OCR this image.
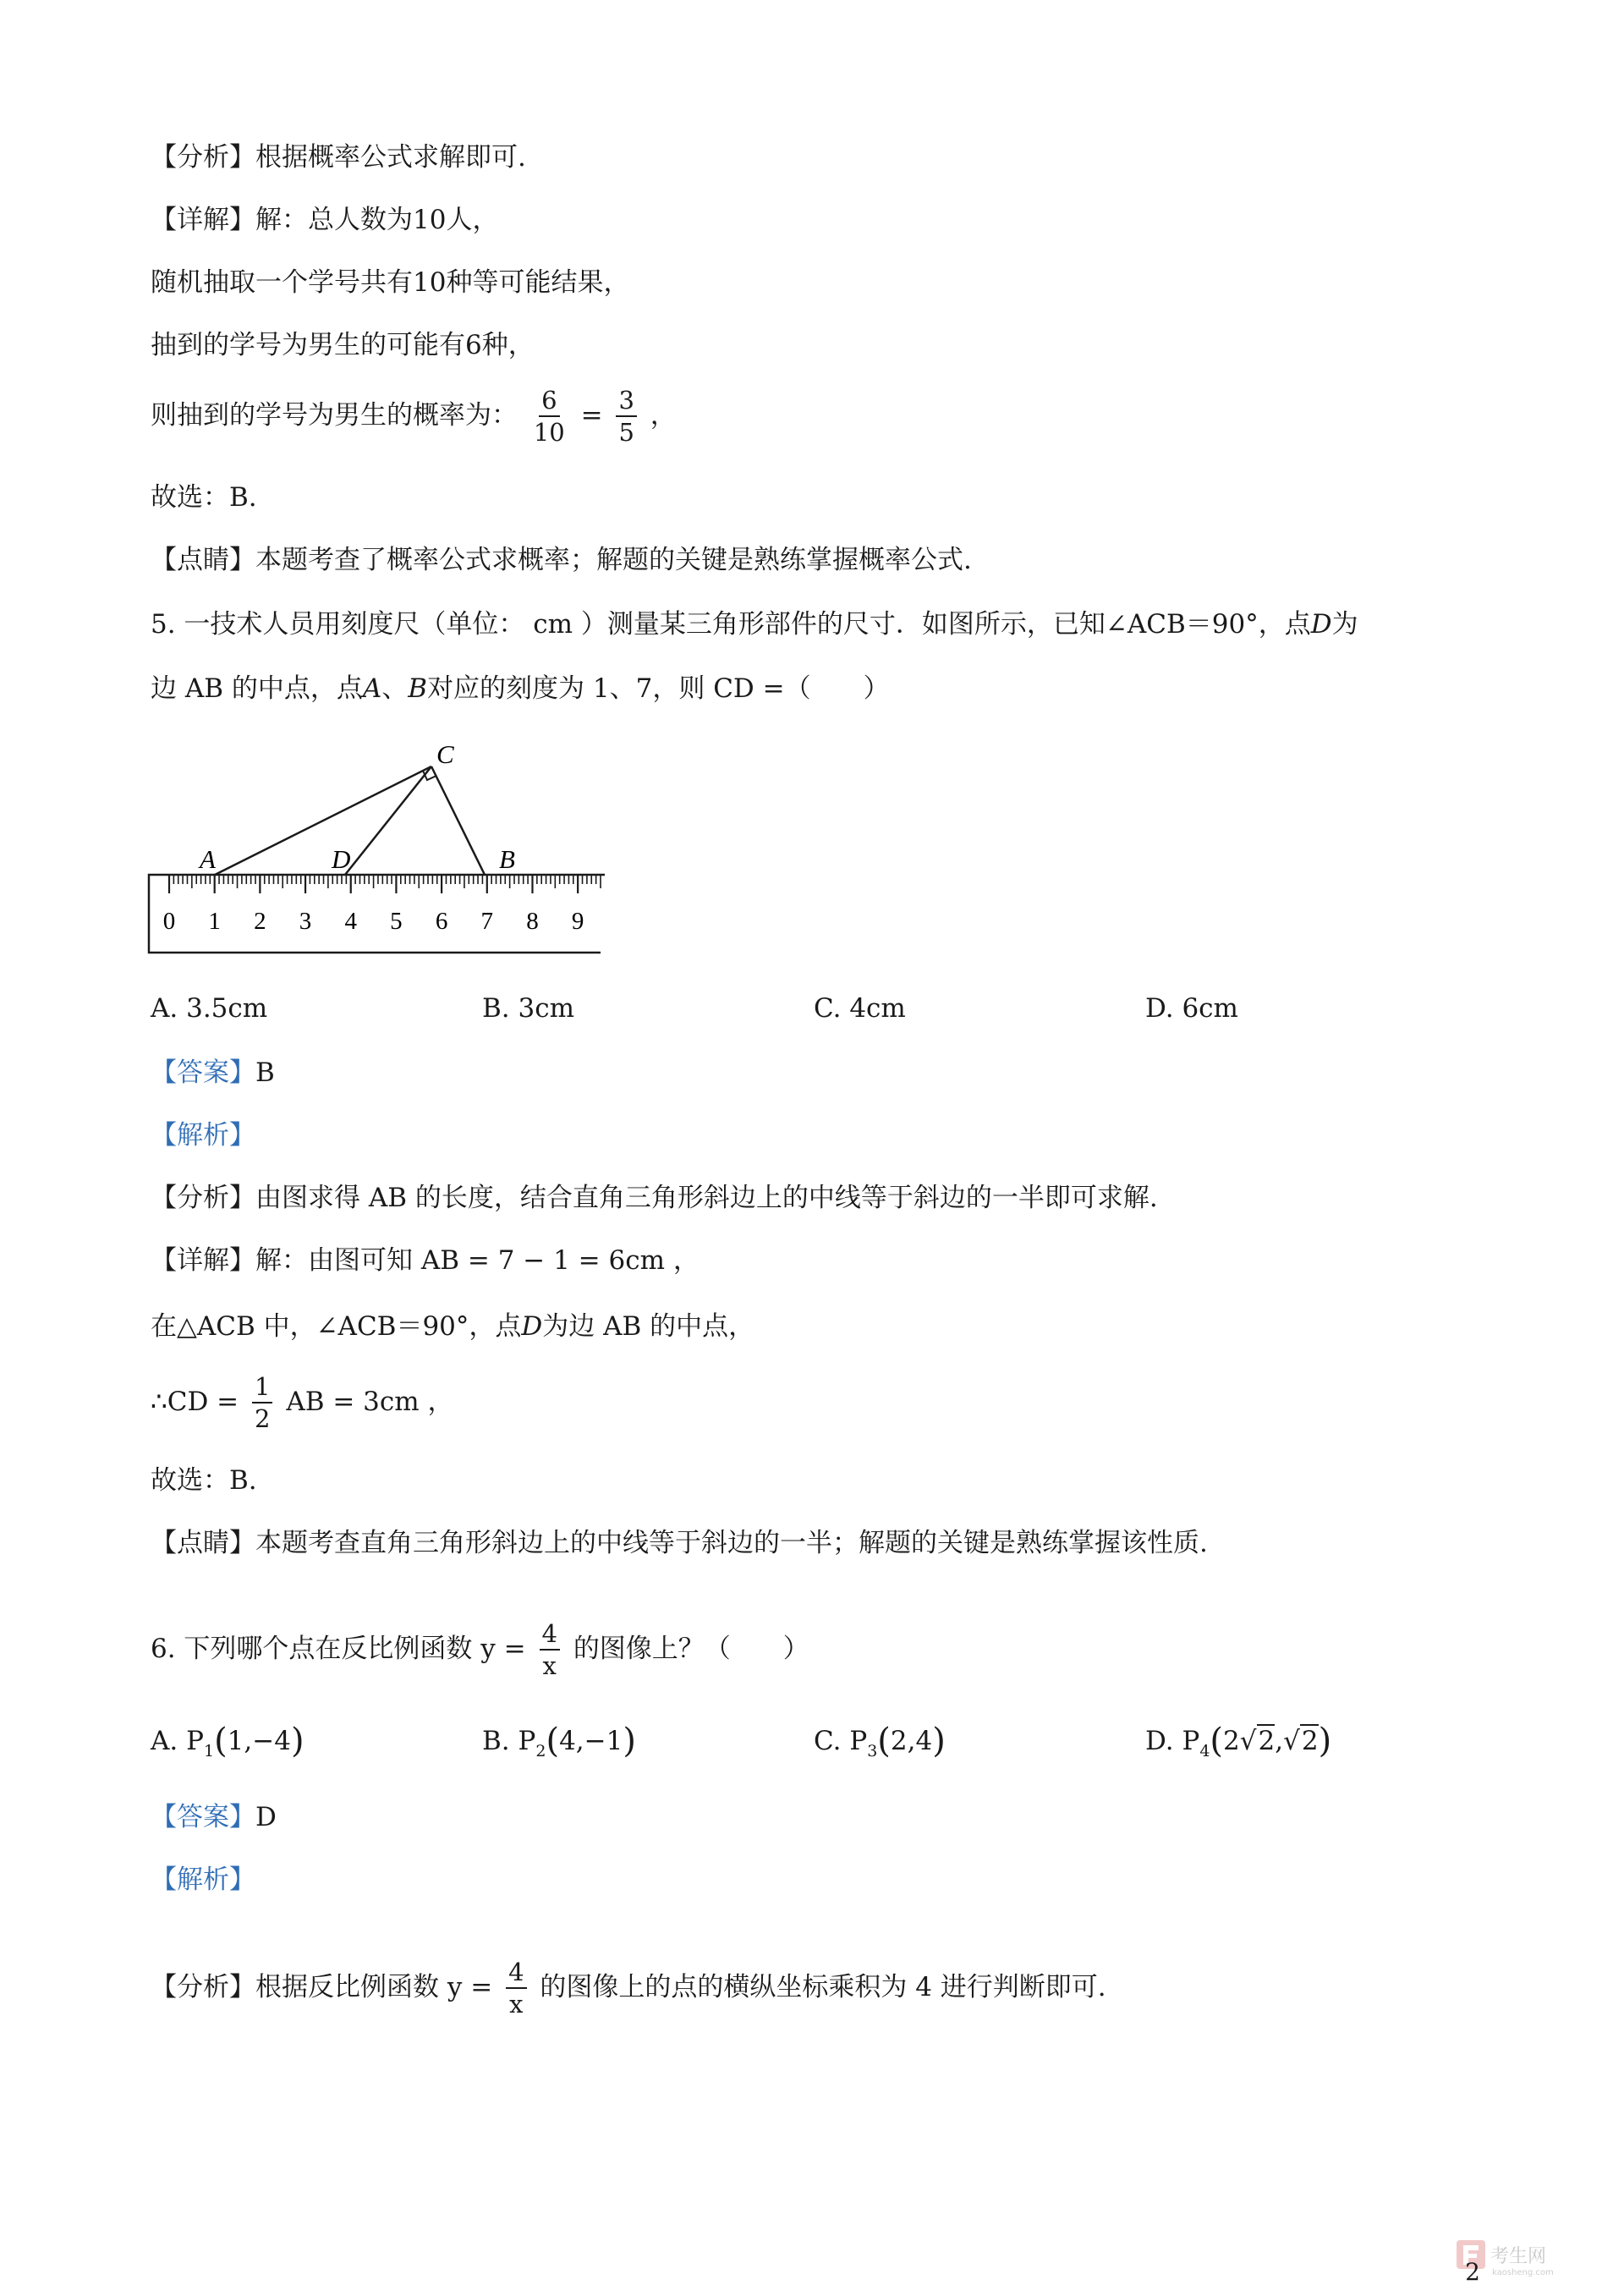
【分析】根据概率公式求解即可.
【详解】解：总人数为10人，
随机抽取一个学号共有10种等可能结果，
抽到的学号为男生的可能有6种，
则抽到的学号为男生的概率为： $\frac{6}{10} = \frac{3}{5}$ ，
故选：B.
【点睛】本题考查了概率公式求概率；解题的关键是熟练掌握概率公式.
5. 一技术人员用刻度尺（单位： cm ）测量某三角形部件的尺寸．如图所示，已知∠ACB＝90°，点D为
边 AB 的中点，点A、B对应的刻度为 1、7，则 CD =（　　）
0 1 2 3 4 5 6 7 8 9
C
A	D	B
A. 3.5cm	B. 3cm	C. 4cm	D. 6cm
【答案】B
【解析】
【分析】由图求得 AB 的长度，结合直角三角形斜边上的中线等于斜边的一半即可求解.
【详解】解：由图可知 AB = 7 − 1 = 6cm ，
在△ACB 中，∠ACB＝90°，点D为边 AB 的中点，
∴CD = $\frac{1}{2}$ AB = 3cm ，
故选：B.
【点睛】本题考查直角三角形斜边上的中线等于斜边的一半；解题的关键是熟练掌握该性质.
6. 下列哪个点在反比例函数 $y = \frac{4}{x}$ 的图像上？（　　）
A. $P_1(1,-4)$	B. $P_2(4,-1)$	C. $P_3(2,4)$	D. $P_4(2√2,√2)$
【答案】D
【解析】
【分析】根据反比例函数 $y = \frac{4}{x}$ 的图像上的点的横纵坐标乘积为 4 进行判断即可.
考生网
kaosheng.com
2
